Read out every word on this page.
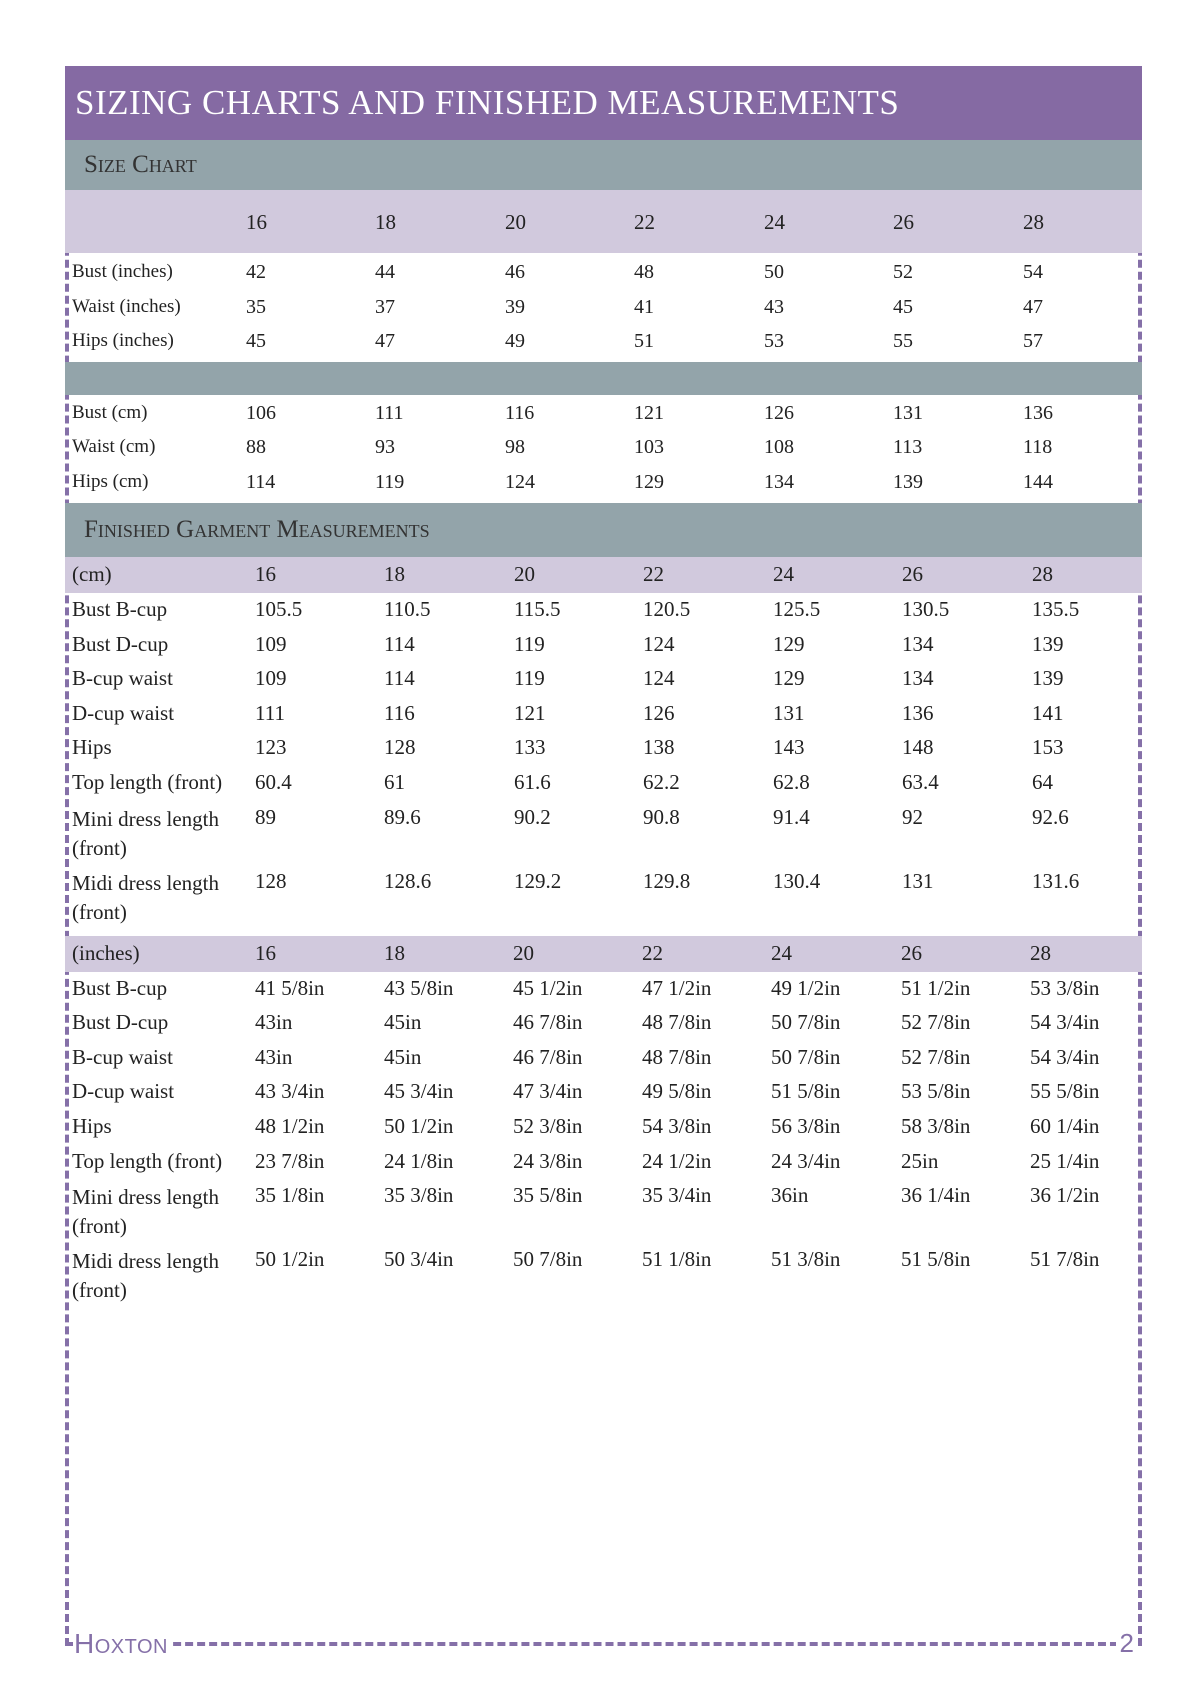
SIZING CHARTS AND FINISHED MEASUREMENTS
Size Chart
16	18	20	22	24	26	28
Bust (inches)	42	44	46	48	50	52	54
Waist (inches)	35	37	39	41	43	45	47
Hips (inches)	45	47	49	51	53	55	57
Bust (cm)	106	111	116	121	126	131	136
Waist (cm)	88	93	98	103	108	113	118
Hips (cm)	114	119	124	129	134	139	144
Finished Garment Measurements
(cm)	16	18	20	22	24	26	28
Bust B-cup	105.5	110.5	115.5	120.5	125.5	130.5	135.5
Bust D-cup	109	114	119	124	129	134	139
B-cup waist	109	114	119	124	129	134	139
D-cup waist	111	116	121	126	131	136	141
Hips	123	128	133	138	143	148	153
Top length (front) 60.4	61	61.6	62.2	62.8	63.4	64
Mini dress length
(front)
89	89.6	90.2	90.8	91.4	92	92.6
Midi dress length
(front)
128	128.6	129.2	129.8	130.4	131	131.6
(inches)	16	18	20	22	24	26	28
Bust B-cup	41 5/8in	43 5/8in	45 1/2in	47 1/2in	49 1/2in	51 1/2in	53 3/8in
Bust D-cup	43in	45in	46 7/8in	48 7/8in	50 7/8in	52 7/8in	54 3/4in
B-cup waist	43in	45in	46 7/8in	48 7/8in	50 7/8in	52 7/8in	54 3/4in
D-cup waist	43 3/4in	45 3/4in	47 3/4in	49 5/8in	51 5/8in	53 5/8in	55 5/8in
Hips	48 1/2in	50 1/2in	52 3/8in	54 3/8in	56 3/8in	58 3/8in	60 1/4in
Top length (front) 23 7/8in	24 1/8in	24 3/8in	24 1/2in	24 3/4in	25in	25 1/4in
Mini dress length
(front)
35 1/8in	35 3/8in	35 5/8in	35 3/4in	36in	36 1/4in	36 1/2in
Midi dress length
(front)
50 1/2in	50 3/4in	50 7/8in	51 1/8in	51 3/8in	51 5/8in	51 7/8in
Hoxton	2
